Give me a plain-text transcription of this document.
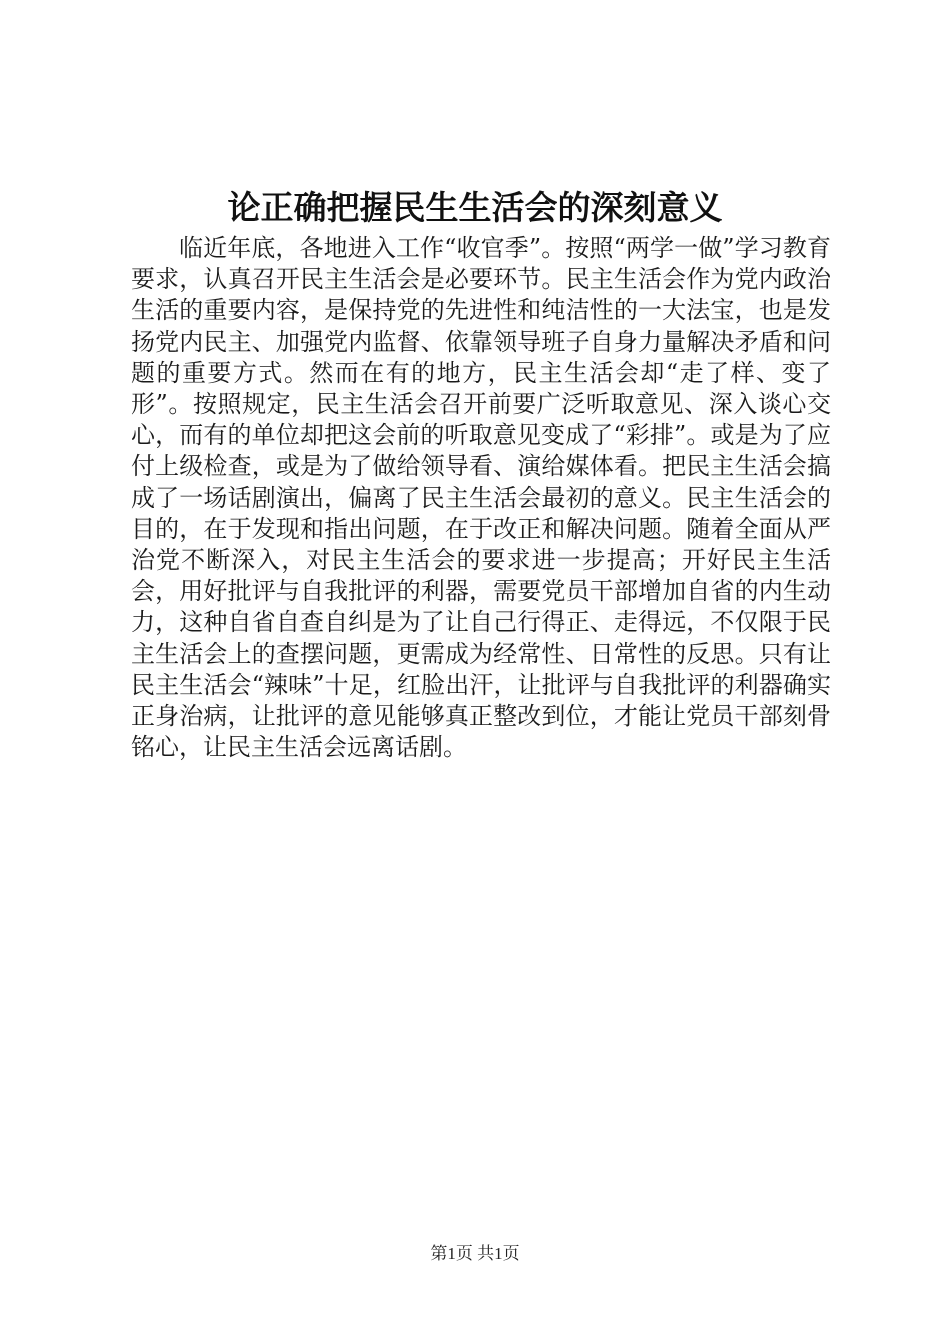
论正确把握民生生活会的深刻意义

临近年底，各地进入工作“收官季”。按照“两学一做”学习教育要求，认真召开民主生活会是必要环节。民主生活会作为党内政治生活的重要内容，是保持党的先进性和纯洁性的一大法宝，也是发扬党内民主、加强党内监督、依靠领导班子自身力量解决矛盾和问题的重要方式。然而在有的地方，民主生活会却“走了样、变了形”。按照规定，民主生活会召开前要广泛听取意见、深入谈心交心，而有的单位却把这会前的听取意见变成了“彩排”。或是为了应付上级检查，或是为了做给领导看、演给媒体看。把民主生活会搞成了一场话剧演出，偏离了民主生活会最初的意义。民主生活会的目的，在于发现和指出问题，在于改正和解决问题。随着全面从严治党不断深入，对民主生活会的要求进一步提高；开好民主生活会，用好批评与自我批评的利器，需要党员干部增加自省的内生动力，这种自省自查自纠是为了让自己行得正、走得远，不仅限于民主生活会上的查摆问题，更需成为经常性、日常性的反思。只有让民主生活会“辣味”十足，红脸出汗，让批评与自我批评的利器确实正身治病，让批评的意见能够真正整改到位，才能让党员干部刻骨铭心，让民主生活会远离话剧。

第1页 共1页
